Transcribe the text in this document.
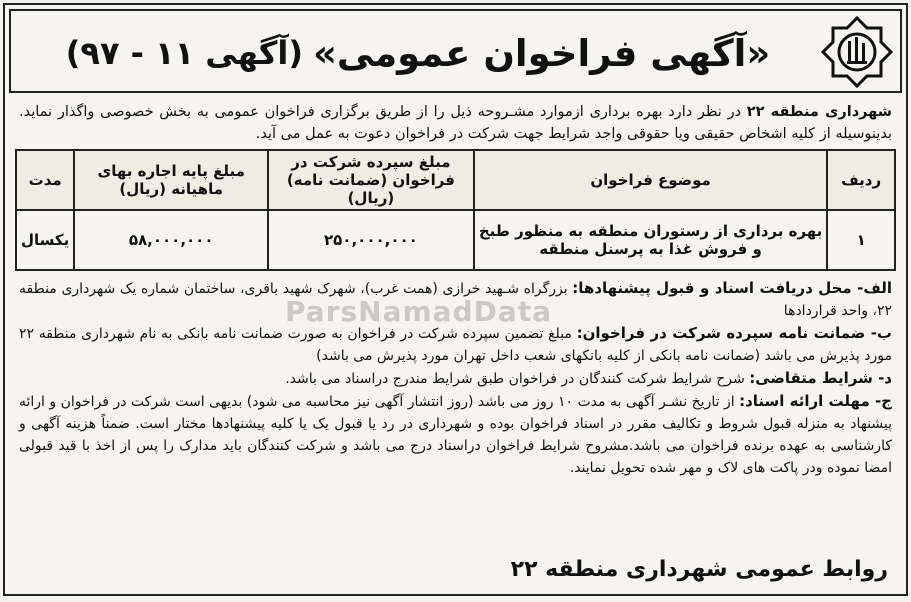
«آگهی فراخوان عمومی»
(آگهی ۱۱ - ۹۷)

شهرداری منطقه ۲۲ در نظر دارد بهره برداری ازموارد مشـروحه ذیل را از طریق برگزاری فراخوان عمومی به بخش خصوصی واگذار نماید. بدینوسیله از کلیه اشخاص حقیقی ویا حقوقی واجد شرایط جهت شرکت در فراخوان دعوت به عمل می آید.

ردیف	موضوع فراخوان	مبلغ سپرده شرکت در فراخوان (ضمانت نامه) (ریال)	مبلغ پایه اجاره بهای ماهیانه (ریال)	مدت
۱	بهره برداری از رستوران منطقه به منظور طبخ و فروش غذا به پرسنل منطقه	۲۵۰,۰۰۰,۰۰۰	۵۸,۰۰۰,۰۰۰	یکسال

الف- محل دریافت اسناد و قبول پیشنهادها: بزرگراه شـهید خرازی (همت غرب)، شهرک شهید باقری، ساختمان شماره یک شهرداری منطقه ۲۲، واحد قراردادها

ب- ضمانت نامه سپرده شرکت در فراخوان: مبلغ تضمین سپرده شرکت در فراخوان به صورت ضمانت نامه بانکی به نام شهرداری منطقه ۲۲ مورد پذیرش می باشد (ضمانت نامه بانکی از کلیه بانکهای شعب داخل تهران مورد پذیرش می باشد)

د- شرایط متقاضی: شرح شرایط شرکت کنندگان در فراخوان طبق شرایط مندرج دراسناد می باشد.

ج- مهلت ارائه اسناد: از تاریخ نشـر آگهی به مدت ۱۰ روز می باشد (روز انتشار آگهی نیز محاسبه می شود) بدیهی است شرکت در فراخوان و ارائه پیشنهاد به منزله قبول شروط و تکالیف مقرر در اسناد فراخوان بوده و شهرداری در رد یا قبول یک یا کلیه پیشنهادها مختار است. ضمناً هزینه آگهی و کارشناسی به عهده برنده فراخوان می باشد.مشروح شرایط فراخوان دراسناد درج می باشد و شرکت کنندگان باید مدارک را پس از اخذ با قید قبولی امضا نموده ودر پاکت های لاک و مهر شده تحویل نمایند.

ParsNamadData
روابط عمومی شهرداری منطقه ۲۲
